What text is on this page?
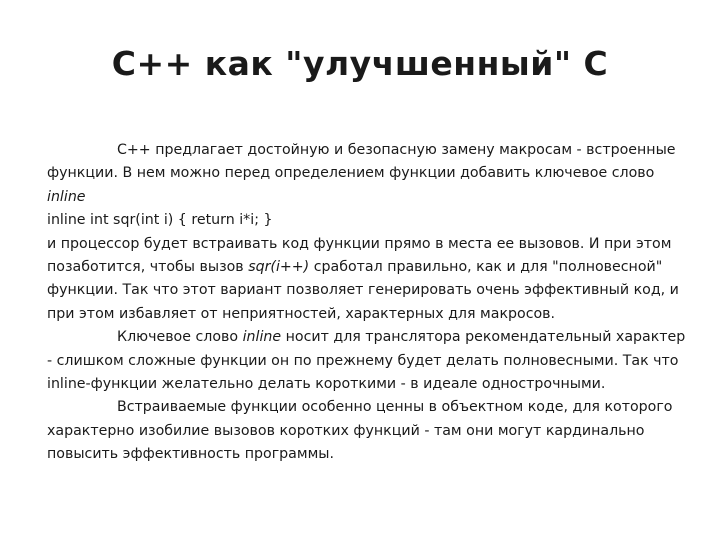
С++ как "улучшенный" С

С++ предлагает достойную и безопасную замену макросам - встроенные функции. В нем можно перед определением функции добавить ключевое слово
inline

inline int sqr(int i) { return i*i; }

и процессор будет встраивать код функции прямо в места ее вызовов. И при этом позаботится, чтобы вызов sqr(i++) сработал правильно, как и для "полновесной" функции. Так что этот вариант позволяет генерировать очень эффективный код, и при этом избавляет от неприятностей, характерных для макросов.

Ключевое слово inline носит для транслятора рекомендательный характер - слишком сложные функции он по прежнему будет делать полновесными. Так что inline-функции желательно делать короткими - в идеале однострочными.

Встраиваемые функции особенно ценны в объектном коде, для которого характерно изобилие вызовов коротких функций - там они могут кардинально повысить эффективность программы.
